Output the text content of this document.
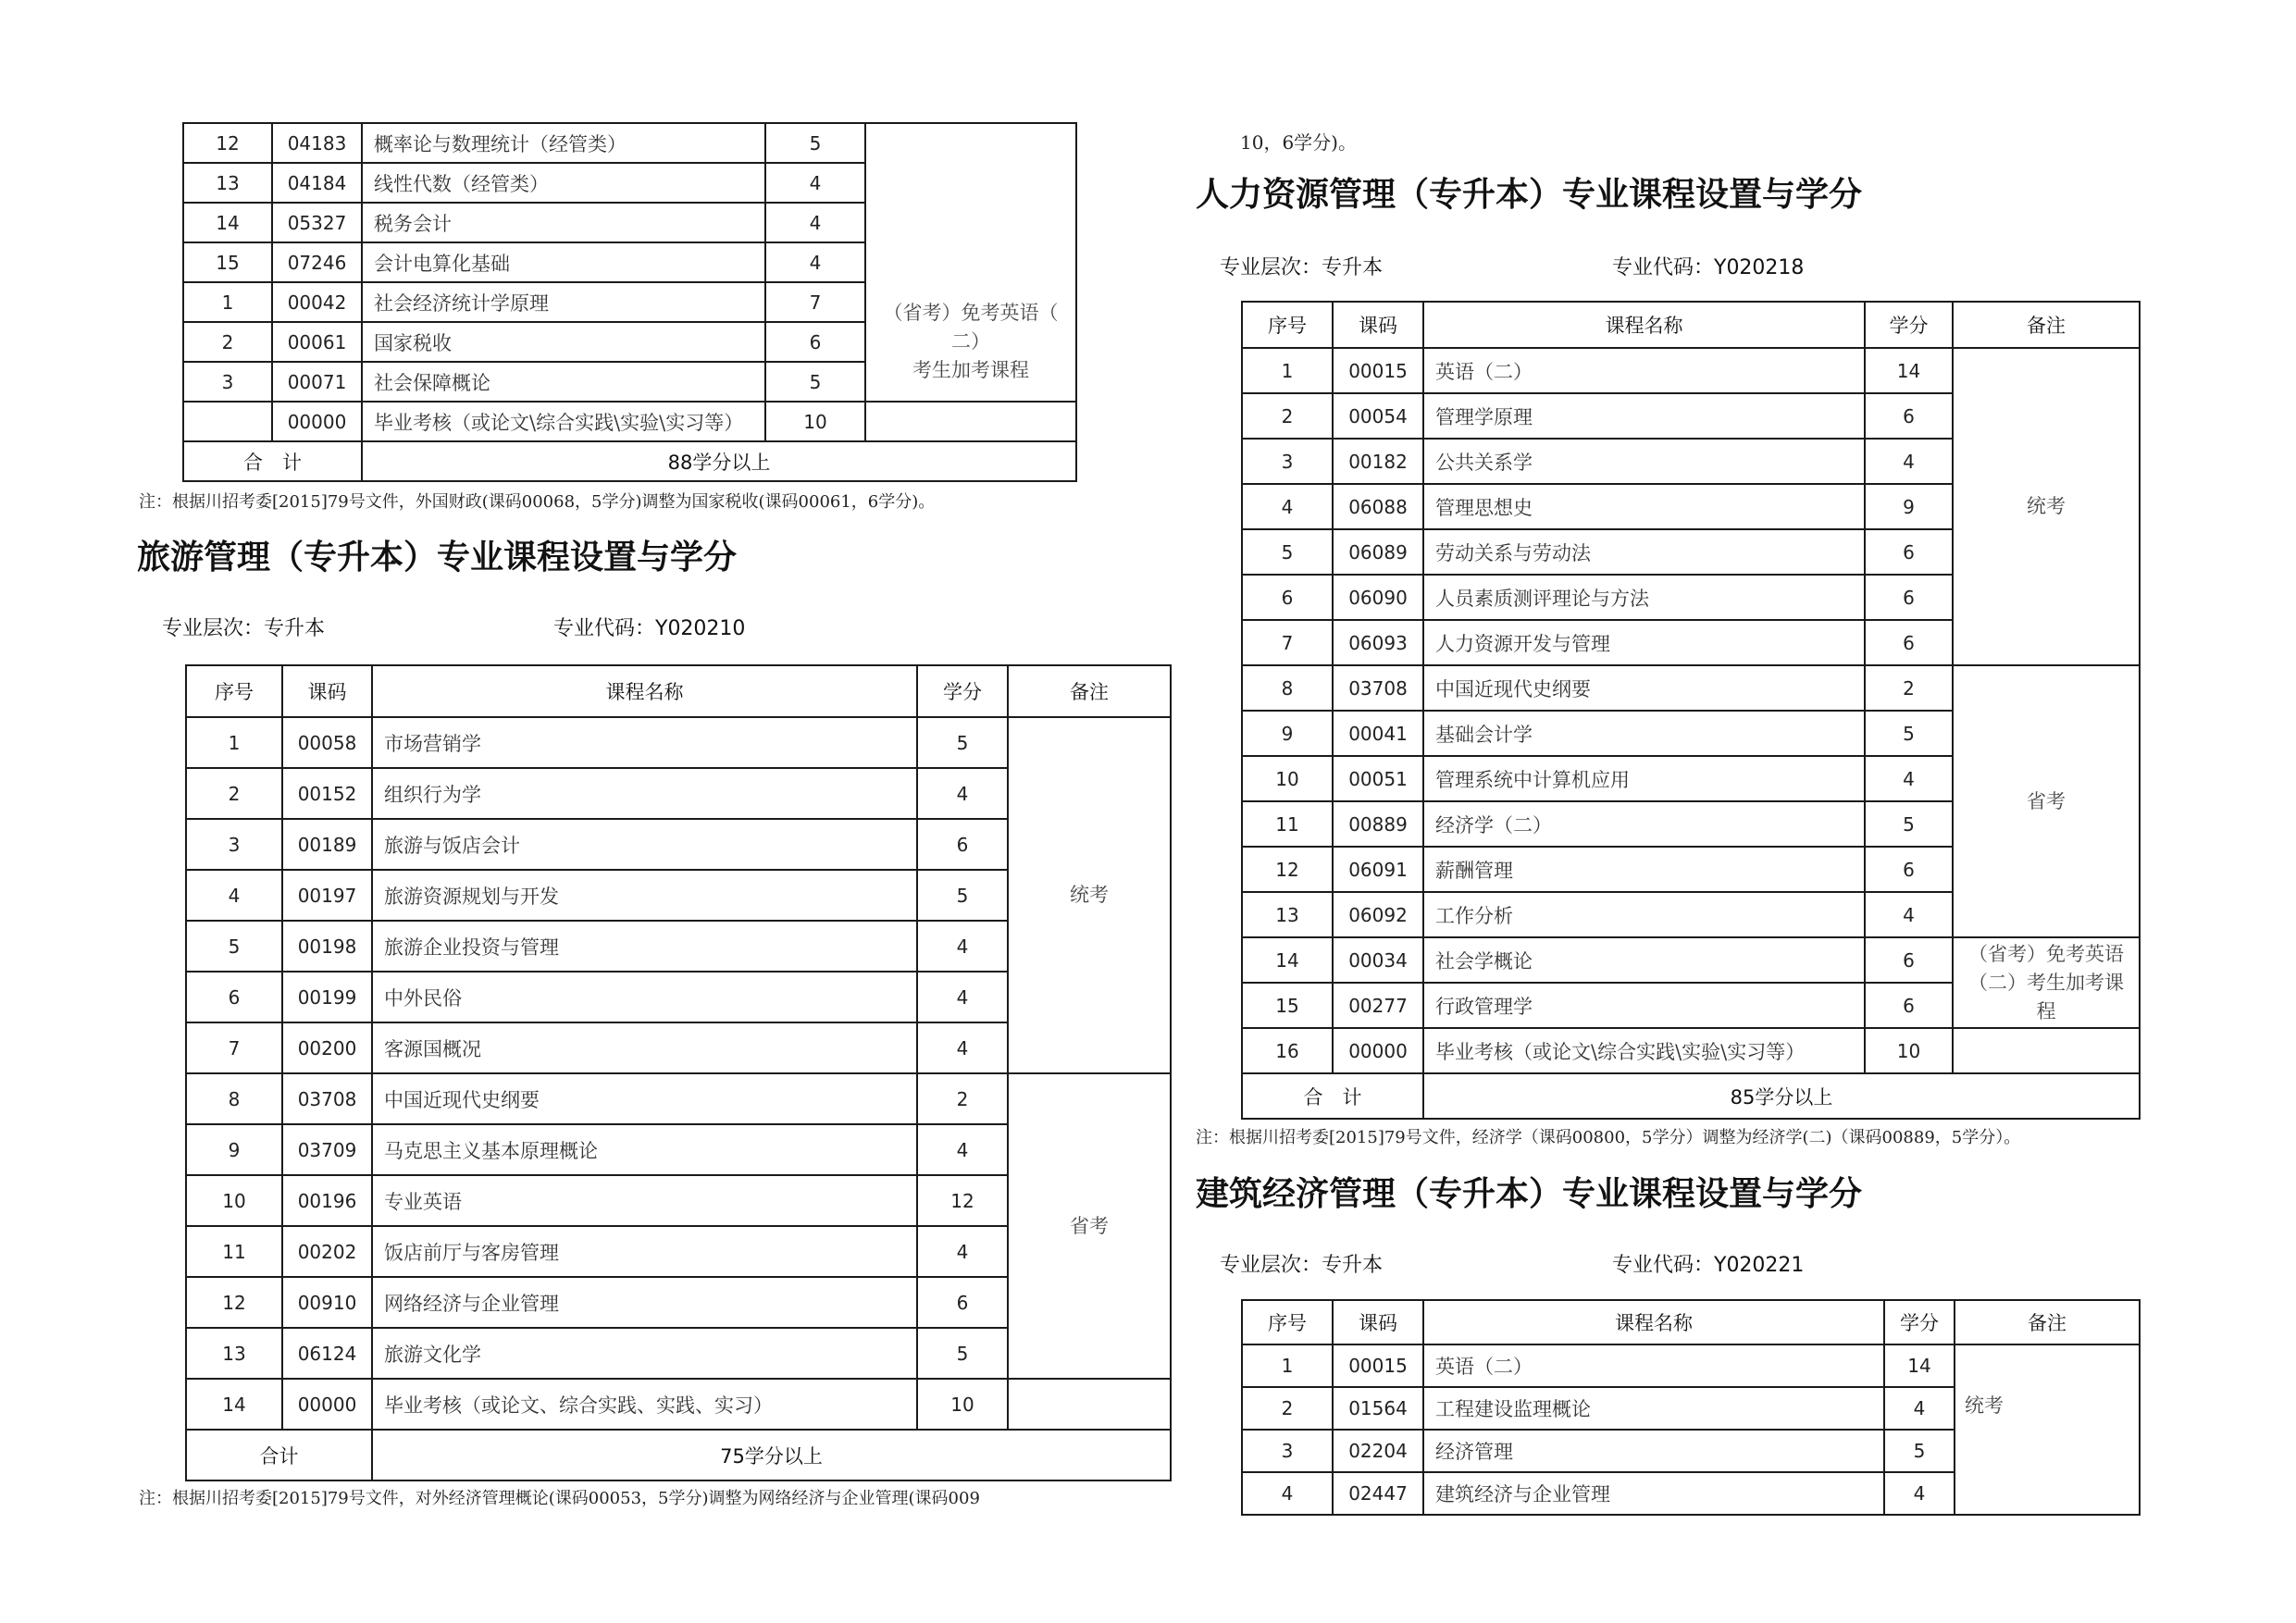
12	04183	概率论与数理统计（经管类）	5	
13	04184	线性代数（经管类）	4	
14	05327	税务会计	4	
15	07246	会计电算化基础	4	
1	00042	社会经济统计学原理	7	（省考）免考英语（
二）
考生加考课程

2	00061	国家税收	6	
3	00071	社会保障概论	5	
	00000	毕业考核（或论文\综合实践\实验\实习等）	10	
合　计		88学分以上		
注：根据川招考委[2015]79号文件，外国财政(课码00068，5学分)调整为国家税收(课码00061，6学分)。
旅游管理（专升本）专业课程设置与学分
专业层次：专升本	专业代码：Y020210
序号	课码	课程名称	学分	备注
1	00058	市场营销学	5	统考
2	00152	组织行为学	4	
3	00189	旅游与饭店会计	6	
4	00197	旅游资源规划与开发	5	
5	00198	旅游企业投资与管理	4	
6	00199	中外民俗	4	
7	00200	客源国概况	4	
8	03708	中国近现代史纲要	2	省考
9	03709	马克思主义基本原理概论	4	
10	00196	专业英语	12	
11	00202	饭店前厅与客房管理	4	
12	00910	网络经济与企业管理	6	
13	06124	旅游文化学	5	
14	00000	毕业考核（或论文、综合实践、实践、实习）	10	
合计		75学分以上		
注：根据川招考委[2015]79号文件，对外经济管理概论(课码00053，5学分)调整为网络经济与企业管理(课码009
10，6学分)。
人力资源管理（专升本）专业课程设置与学分
专业层次：专升本	专业代码：Y020218
序号	课码	课程名称	学分	备注
1	00015	英语（二）	14	统考
2	00054	管理学原理	6	
3	00182	公共关系学	4	
4	06088	管理思想史	9	
5	06089	劳动关系与劳动法	6	
6	06090	人员素质测评理论与方法	6	
7	06093	人力资源开发与管理	6	
8	03708	中国近现代史纲要	2	省考
9	00041	基础会计学	5	
10	00051	管理系统中计算机应用	4	
11	00889	经济学（二）	5	
12	06091	薪酬管理	6	
13	06092	工作分析	4	
14	00034	社会学概论	6	（省考）免考英语
（二）考生加考课
程

15	00277	行政管理学	6	
16	00000	毕业考核（或论文\综合实践\实验\实习等）	10	
合　计		85学分以上		
注：根据川招考委[2015]79号文件，经济学（课码00800，5学分）调整为经济学(二)（课码00889，5学分）。
建筑经济管理（专升本）专业课程设置与学分
专业层次：专升本	专业代码：Y020221
序号	课码	课程名称	学分	备注
1	00015	英语（二）	14	统考
2	01564	工程建设监理概论	4	
3	02204	经济管理	5	
4	02447	建筑经济与企业管理	4	
